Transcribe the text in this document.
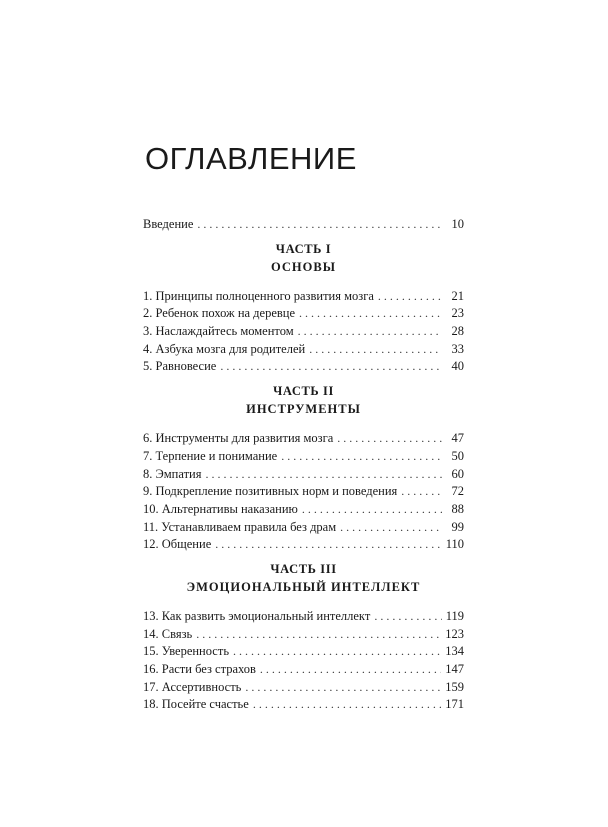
ОГЛАВЛЕНИЕ
Введение . . .	10
ЧАСТЬ I
ОСНОВЫ
1. Принципы полноценного развития мозга . . .	21
2. Ребенок похож на деревце . . .	23
3. Наслаждайтесь моментом . . .	28
4. Азбука мозга для родителей . . .	33
5. Равновесие . . .	40
ЧАСТЬ II
ИНСТРУМЕНТЫ
6. Инструменты для развития мозга . . .	47
7. Терпение и понимание . . .	50
8. Эмпатия . . .	60
9. Подкрепление позитивных норм и поведения . . .	72
10. Альтернативы наказанию . . .	88
11. Устанавливаем правила без драм . . .	99
12. Общение . . .	110
ЧАСТЬ III
ЭМОЦИОНАЛЬНЫЙ ИНТЕЛЛЕКТ
13. Как развить эмоциональный интеллект . . .	119
14. Связь . . .	123
15. Уверенность . . .	134
16. Расти без страхов . . .	147
17. Ассертивность . . .	159
18. Посейте счастье . . .	171
